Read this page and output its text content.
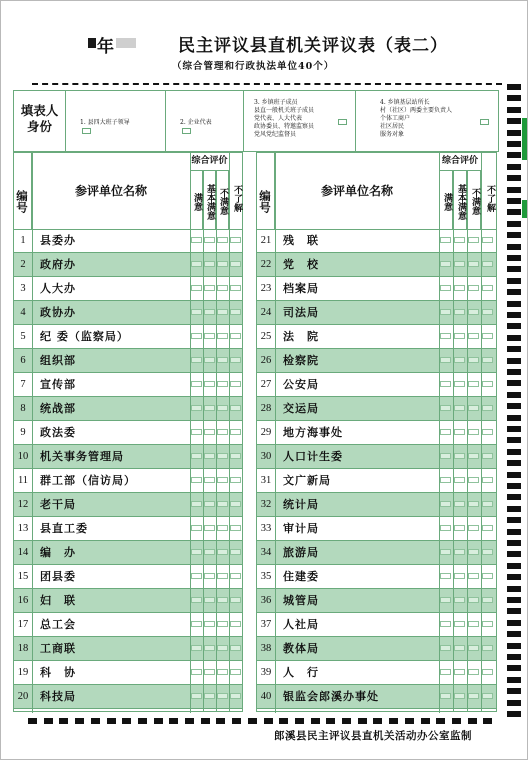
年	民主评议县直机关评议表（表二）
（综合管理和行政执法单位40个）
填表人
身份	1. 县四大班子领导	2. 企业代表
3. 乡镇班子成员
县直一般机关班子成员
党代表、人大代表
政协委员、特邀监察员
党风党纪监督员
4. 乡镇基层站所长
村（社区）两委主要负责人
个体工商户
社区居民
服务对象
编号	参评单位名称
综合评价
满意 基本满意 不满意 不了解
1	县委办
2	政府办
3	人大办
4	政协办
5	纪 委（监察局）
6	组织部
7	宣传部
8	统战部
9	政法委
10	机关事务管理局
11	群工部（信访局）
12	老干局
13	县直工委
14	编　办
15	团县委
16	妇　联
17	总工会
18	工商联
19	科　协
20	科技局
编号	参评单位名称
综合评价
满意 基本满意 不满意 不了解
21	残　联
22	党　校
23	档案局
24	司法局
25	法　院
26	检察院
27	公安局
28	交运局
29	地方海事处
30	人口计生委
31	文广新局
32	统计局
33	审计局
34	旅游局
35	住建委
36	城管局
37	人社局
38	教体局
39	人　行
40	银监会郎溪办事处
郎溪县民主评议县直机关活动办公室监制
